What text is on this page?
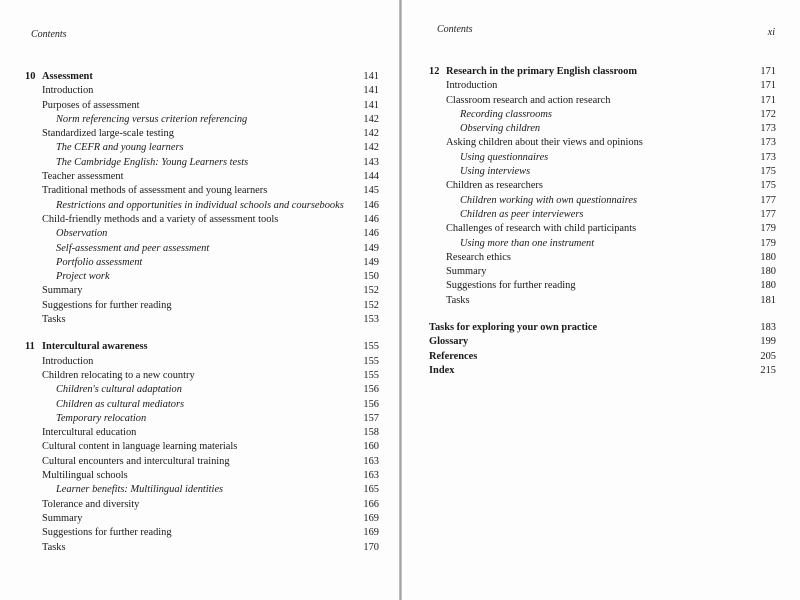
Contents
10 Assessment	141
Introduction	141
Purposes of assessment	141
Norm referencing versus criterion referencing	142
Standardized large-scale testing	142
The CEFR and young learners	142
The Cambridge English: Young Learners tests	143
Teacher assessment	144
Traditional methods of assessment and young learners	145
Restrictions and opportunities in individual schools and coursebooks	146
Child-friendly methods and a variety of assessment tools	146
Observation	146
Self-assessment and peer assessment	149
Portfolio assessment	149
Project work	150
Summary	152
Suggestions for further reading	152
Tasks	153
11 Intercultural awareness	155
Introduction	155
Children relocating to a new country	155
Children's cultural adaptation	156
Children as cultural mediators	156
Temporary relocation	157
Intercultural education	158
Cultural content in language learning materials	160
Cultural encounters and intercultural training	163
Multilingual schools	163
Learner benefits: Multilingual identities	165
Tolerance and diversity	166
Summary	169
Suggestions for further reading	169
Tasks	170
Contents	xi
12 Research in the primary English classroom	171
Introduction	171
Classroom research and action research	171
Recording classrooms	172
Observing children	173
Asking children about their views and opinions	173
Using questionnaires	173
Using interviews	175
Children as researchers	175
Children working with own questionnaires	177
Children as peer interviewers	177
Challenges of research with child participants	179
Using more than one instrument	179
Research ethics	180
Summary	180
Suggestions for further reading	180
Tasks	181
Tasks for exploring your own practice	183
Glossary	199
References	205
Index	215
